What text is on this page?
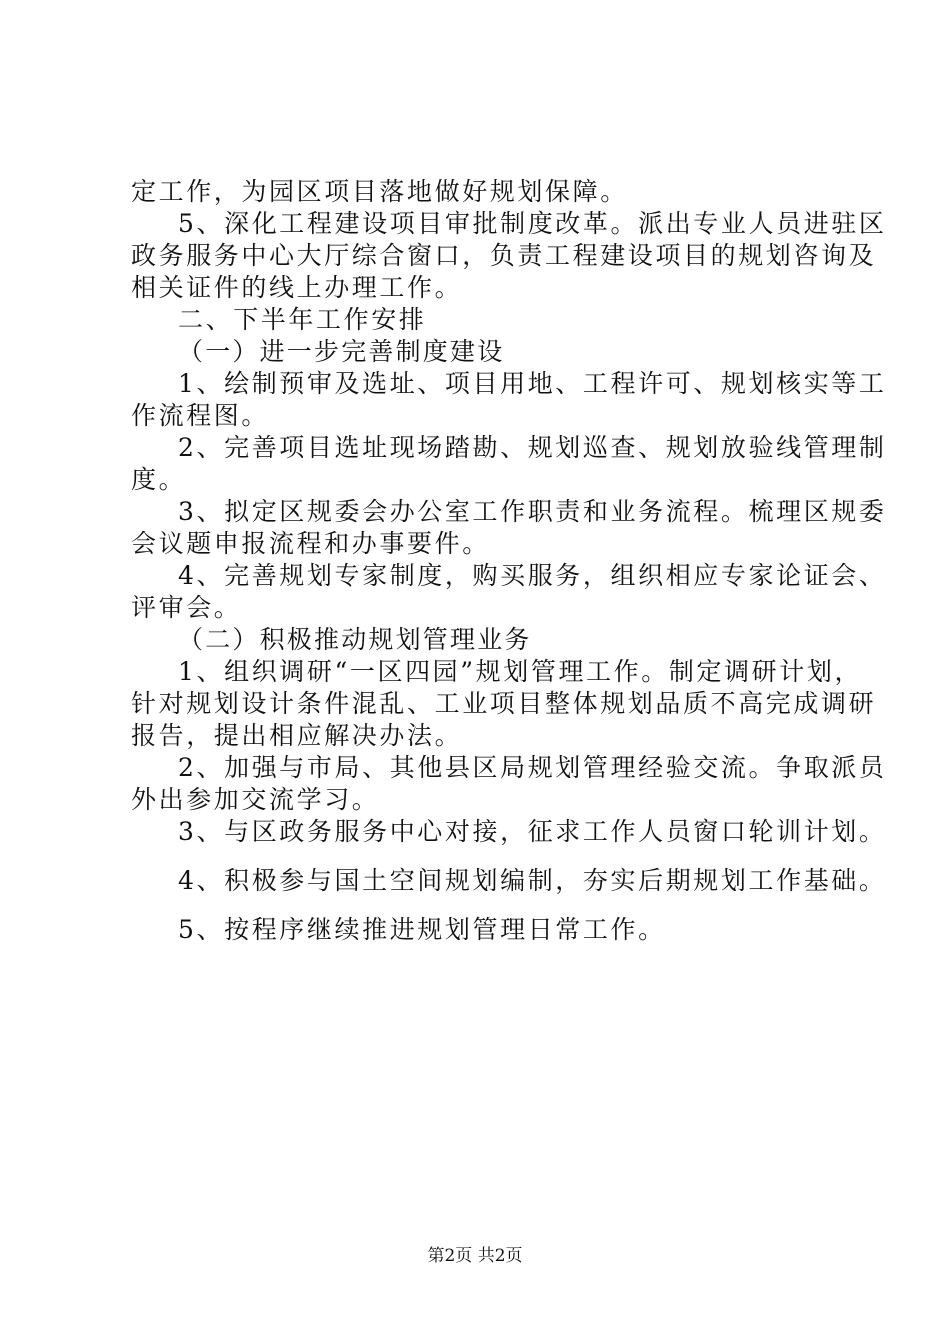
定工作，为园区项目落地做好规划保障。
5、深化工程建设项目审批制度改革。派出专业人员进驻区
政务服务中心大厅综合窗口，负责工程建设项目的规划咨询及
相关证件的线上办理工作。
二、下半年工作安排
（一）进一步完善制度建设
1、绘制预审及选址、项目用地、工程许可、规划核实等工
作流程图。
2、完善项目选址现场踏勘、规划巡查、规划放验线管理制
度。
3、拟定区规委会办公室工作职责和业务流程。梳理区规委
会议题申报流程和办事要件。
4、完善规划专家制度，购买服务，组织相应专家论证会、
评审会。
（二）积极推动规划管理业务
1、组织调研“一区四园”规划管理工作。制定调研计划，
针对规划设计条件混乱、工业项目整体规划品质不高完成调研
报告，提出相应解决办法。
2、加强与市局、其他县区局规划管理经验交流。争取派员
外出参加交流学习。
3、与区政务服务中心对接，征求工作人员窗口轮训计划。
4、积极参与国土空间规划编制，夯实后期规划工作基础。
5、按程序继续推进规划管理日常工作。
第2页 共2页
